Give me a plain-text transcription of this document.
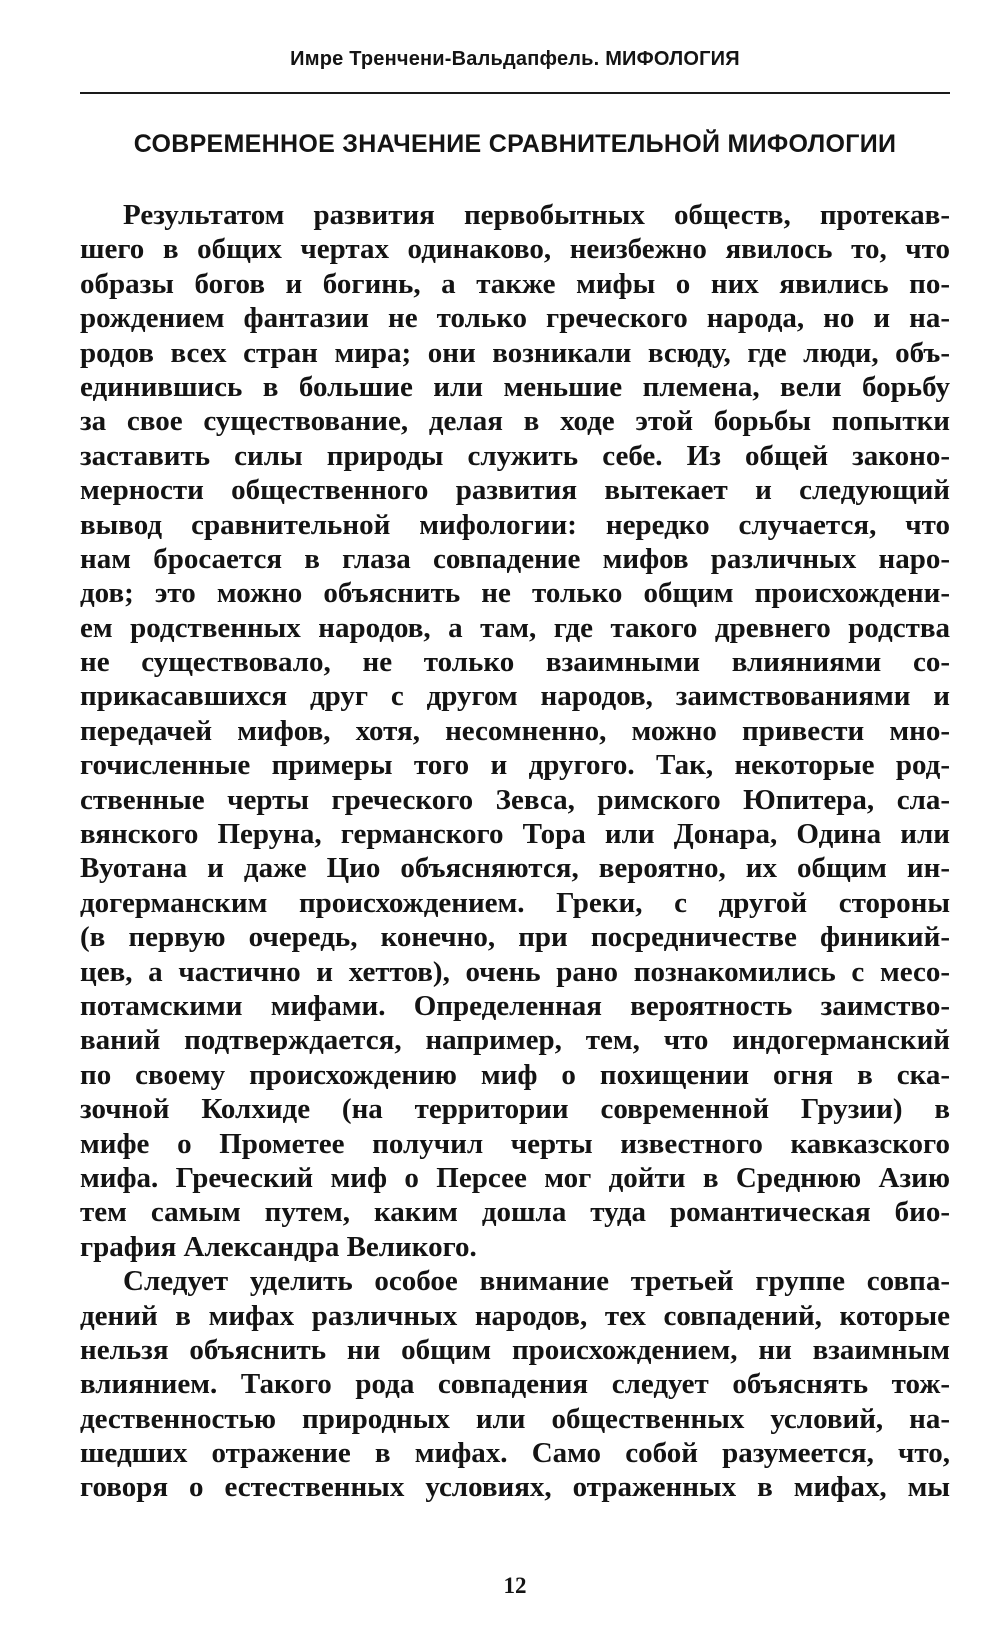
Имре Тренчени-Вальдапфель. МИФОЛОГИЯ
СОВРЕМЕННОЕ ЗНАЧЕНИЕ СРАВНИТЕЛЬНОЙ МИФОЛОГИИ
Результатом развития первобытных обществ, протекав-
шего в общих чертах одинаково, неизбежно явилось то, что
образы богов и богинь, а также мифы о них явились по-
рождением фантазии не только греческого народа, но и на-
родов всех стран мира; они возникали всюду, где люди, объ-
единившись в большие или меньшие племена, вели борьбу
за свое существование, делая в ходе этой борьбы попытки
заставить силы природы служить себе. Из общей законо-
мерности общественного развития вытекает и следующий
вывод сравнительной мифологии: нередко случается, что
нам бросается в глаза совпадение мифов различных наро-
дов; это можно объяснить не только общим происхождени-
ем родственных народов, а там, где такого древнего родства
не существовало, не только взаимными влияниями со-
прикасавшихся друг с другом народов, заимствованиями и
передачей мифов, хотя, несомненно, можно привести мно-
гочисленные примеры того и другого. Так, некоторые род-
ственные черты греческого Зевса, римского Юпитера, сла-
вянского Перуна, германского Тора или Донара, Одина или
Вуотана и даже Цио объясняются, вероятно, их общим ин-
догерманским происхождением. Греки, с другой стороны
(в первую очередь, конечно, при посредничестве финикий-
цев, а частично и хеттов), очень рано познакомились с месо-
потамскими мифами. Определенная вероятность заимство-
ваний подтверждается, например, тем, что индогерманский
по своему происхождению миф о похищении огня в ска-
зочной Колхиде (на территории современной Грузии) в
мифе о Прометее получил черты известного кавказского
мифа. Греческий миф о Персее мог дойти в Среднюю Азию
тем самым путем, каким дошла туда романтическая био-
графия Александра Великого.
Следует уделить особое внимание третьей группе совпа-
дений в мифах различных народов, тех совпадений, которые
нельзя объяснить ни общим происхождением, ни взаимным
влиянием. Такого рода совпадения следует объяснять тож-
дественностью природных или общественных условий, на-
шедших отражение в мифах. Само собой разумеется, что,
говоря о естественных условиях, отраженных в мифах, мы
12
